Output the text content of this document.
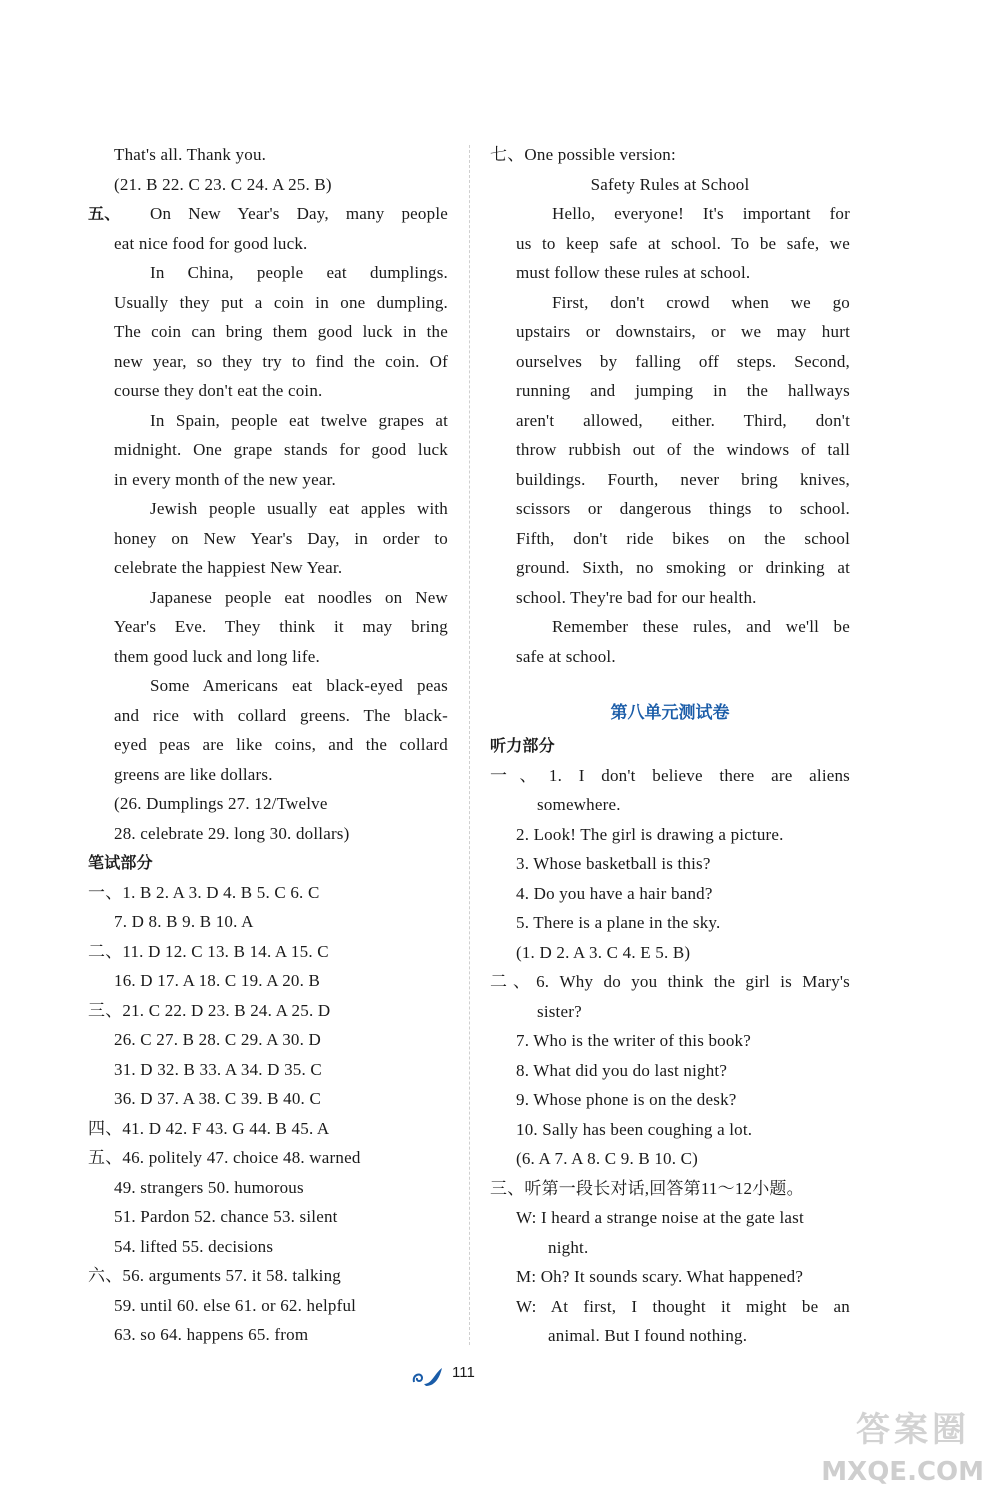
That's all. Thank you.
(21. B 22. C 23. C 24. A 25. B)
五、 On New Year's Day, many people
eat nice food for good luck.
In China, people eat dumplings.
Usually they put a coin in one dumpling.
The coin can bring them good luck in the
new year, so they try to find the coin. Of
course they don't eat the coin.
In Spain, people eat twelve grapes at
midnight. One grape stands for good luck
in every month of the new year.
Jewish people usually eat apples with
honey on New Year's Day, in order to
celebrate the happiest New Year.
Japanese people eat noodles on New
Year's Eve. They think it may bring
them good luck and long life.
Some Americans eat black-eyed peas
and rice with collard greens. The black-
eyed peas are like coins, and the collard
greens are like dollars.
(26. Dumplings 27. 12/Twelve
28. celebrate 29. long 30. dollars)
笔试部分
一、1. B 2. A 3. D 4. B 5. C 6. C
7. D 8. B 9. B 10. A
二、11. D 12. C 13. B 14. A 15. C
16. D 17. A 18. C 19. A 20. B
三、21. C 22. D 23. B 24. A 25. D
26. C 27. B 28. C 29. A 30. D
31. D 32. B 33. A 34. D 35. C
36. D 37. A 38. C 39. B 40. C
四、41. D 42. F 43. G 44. B 45. A
五、46. politely 47. choice 48. warned
49. strangers 50. humorous
51. Pardon 52. chance 53. silent
54. lifted 55. decisions
六、56. arguments 57. it 58. talking
59. until 60. else 61. or 62. helpful
63. so 64. happens 65. from
七、One possible version:
Safety Rules at School
Hello, everyone! It's important for
us to keep safe at school. To be safe, we
must follow these rules at school.
First, don't crowd when we go
upstairs or downstairs, or we may hurt
ourselves by falling off steps. Second,
running and jumping in the hallways
aren't allowed, either. Third, don't
throw rubbish out of the windows of tall
buildings. Fourth, never bring knives,
scissors or dangerous things to school.
Fifth, don't ride bikes on the school
ground. Sixth, no smoking or drinking at
school. They're bad for our health.
Remember these rules, and we'll be
safe at school.
第八单元测试卷
听力部分
一、1. I don't believe there are aliens
somewhere.
2. Look! The girl is drawing a picture.
3. Whose basketball is this?
4. Do you have a hair band?
5. There is a plane in the sky.
(1. D 2. A 3. C 4. E 5. B)
二、6. Why do you think the girl is Mary's
sister?
7. Who is the writer of this book?
8. What did you do last night?
9. Whose phone is on the desk?
10. Sally has been coughing a lot.
(6. A 7. A 8. C 9. B 10. C)
三、听第一段长对话,回答第11～12小题。
W: I heard a strange noise at the gate last
night.
M: Oh? It sounds scary. What happened?
W: At first, I thought it might be an
animal. But I found nothing.
111
答案圈
MXQE.COM
